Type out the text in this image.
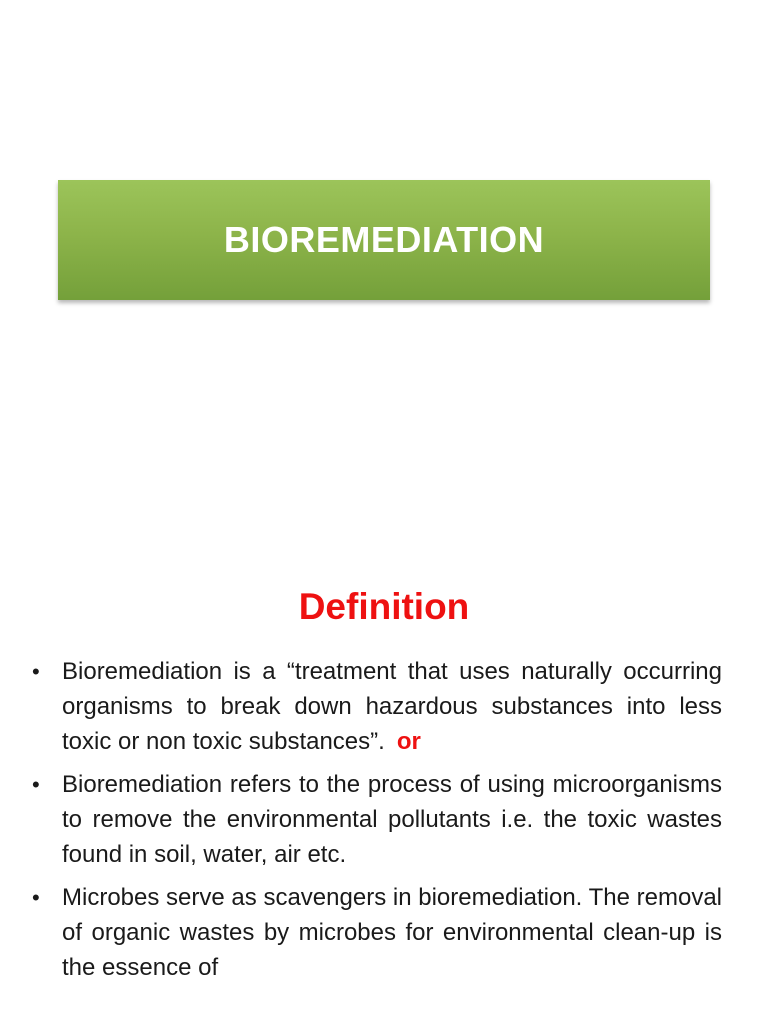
BIOREMEDIATION
Definition
• Bioremediation is a “treatment that uses naturally occurring organisms to break down hazardous substances into less toxic or non toxic substances”. or
• Bioremediation refers to the process of using microorganisms to remove the environmental pollutants i.e. the toxic wastes found in soil, water, air etc.
• Microbes serve as scavengers in bioremediation. The removal of organic wastes by microbes for environmental clean-up is the essence of
